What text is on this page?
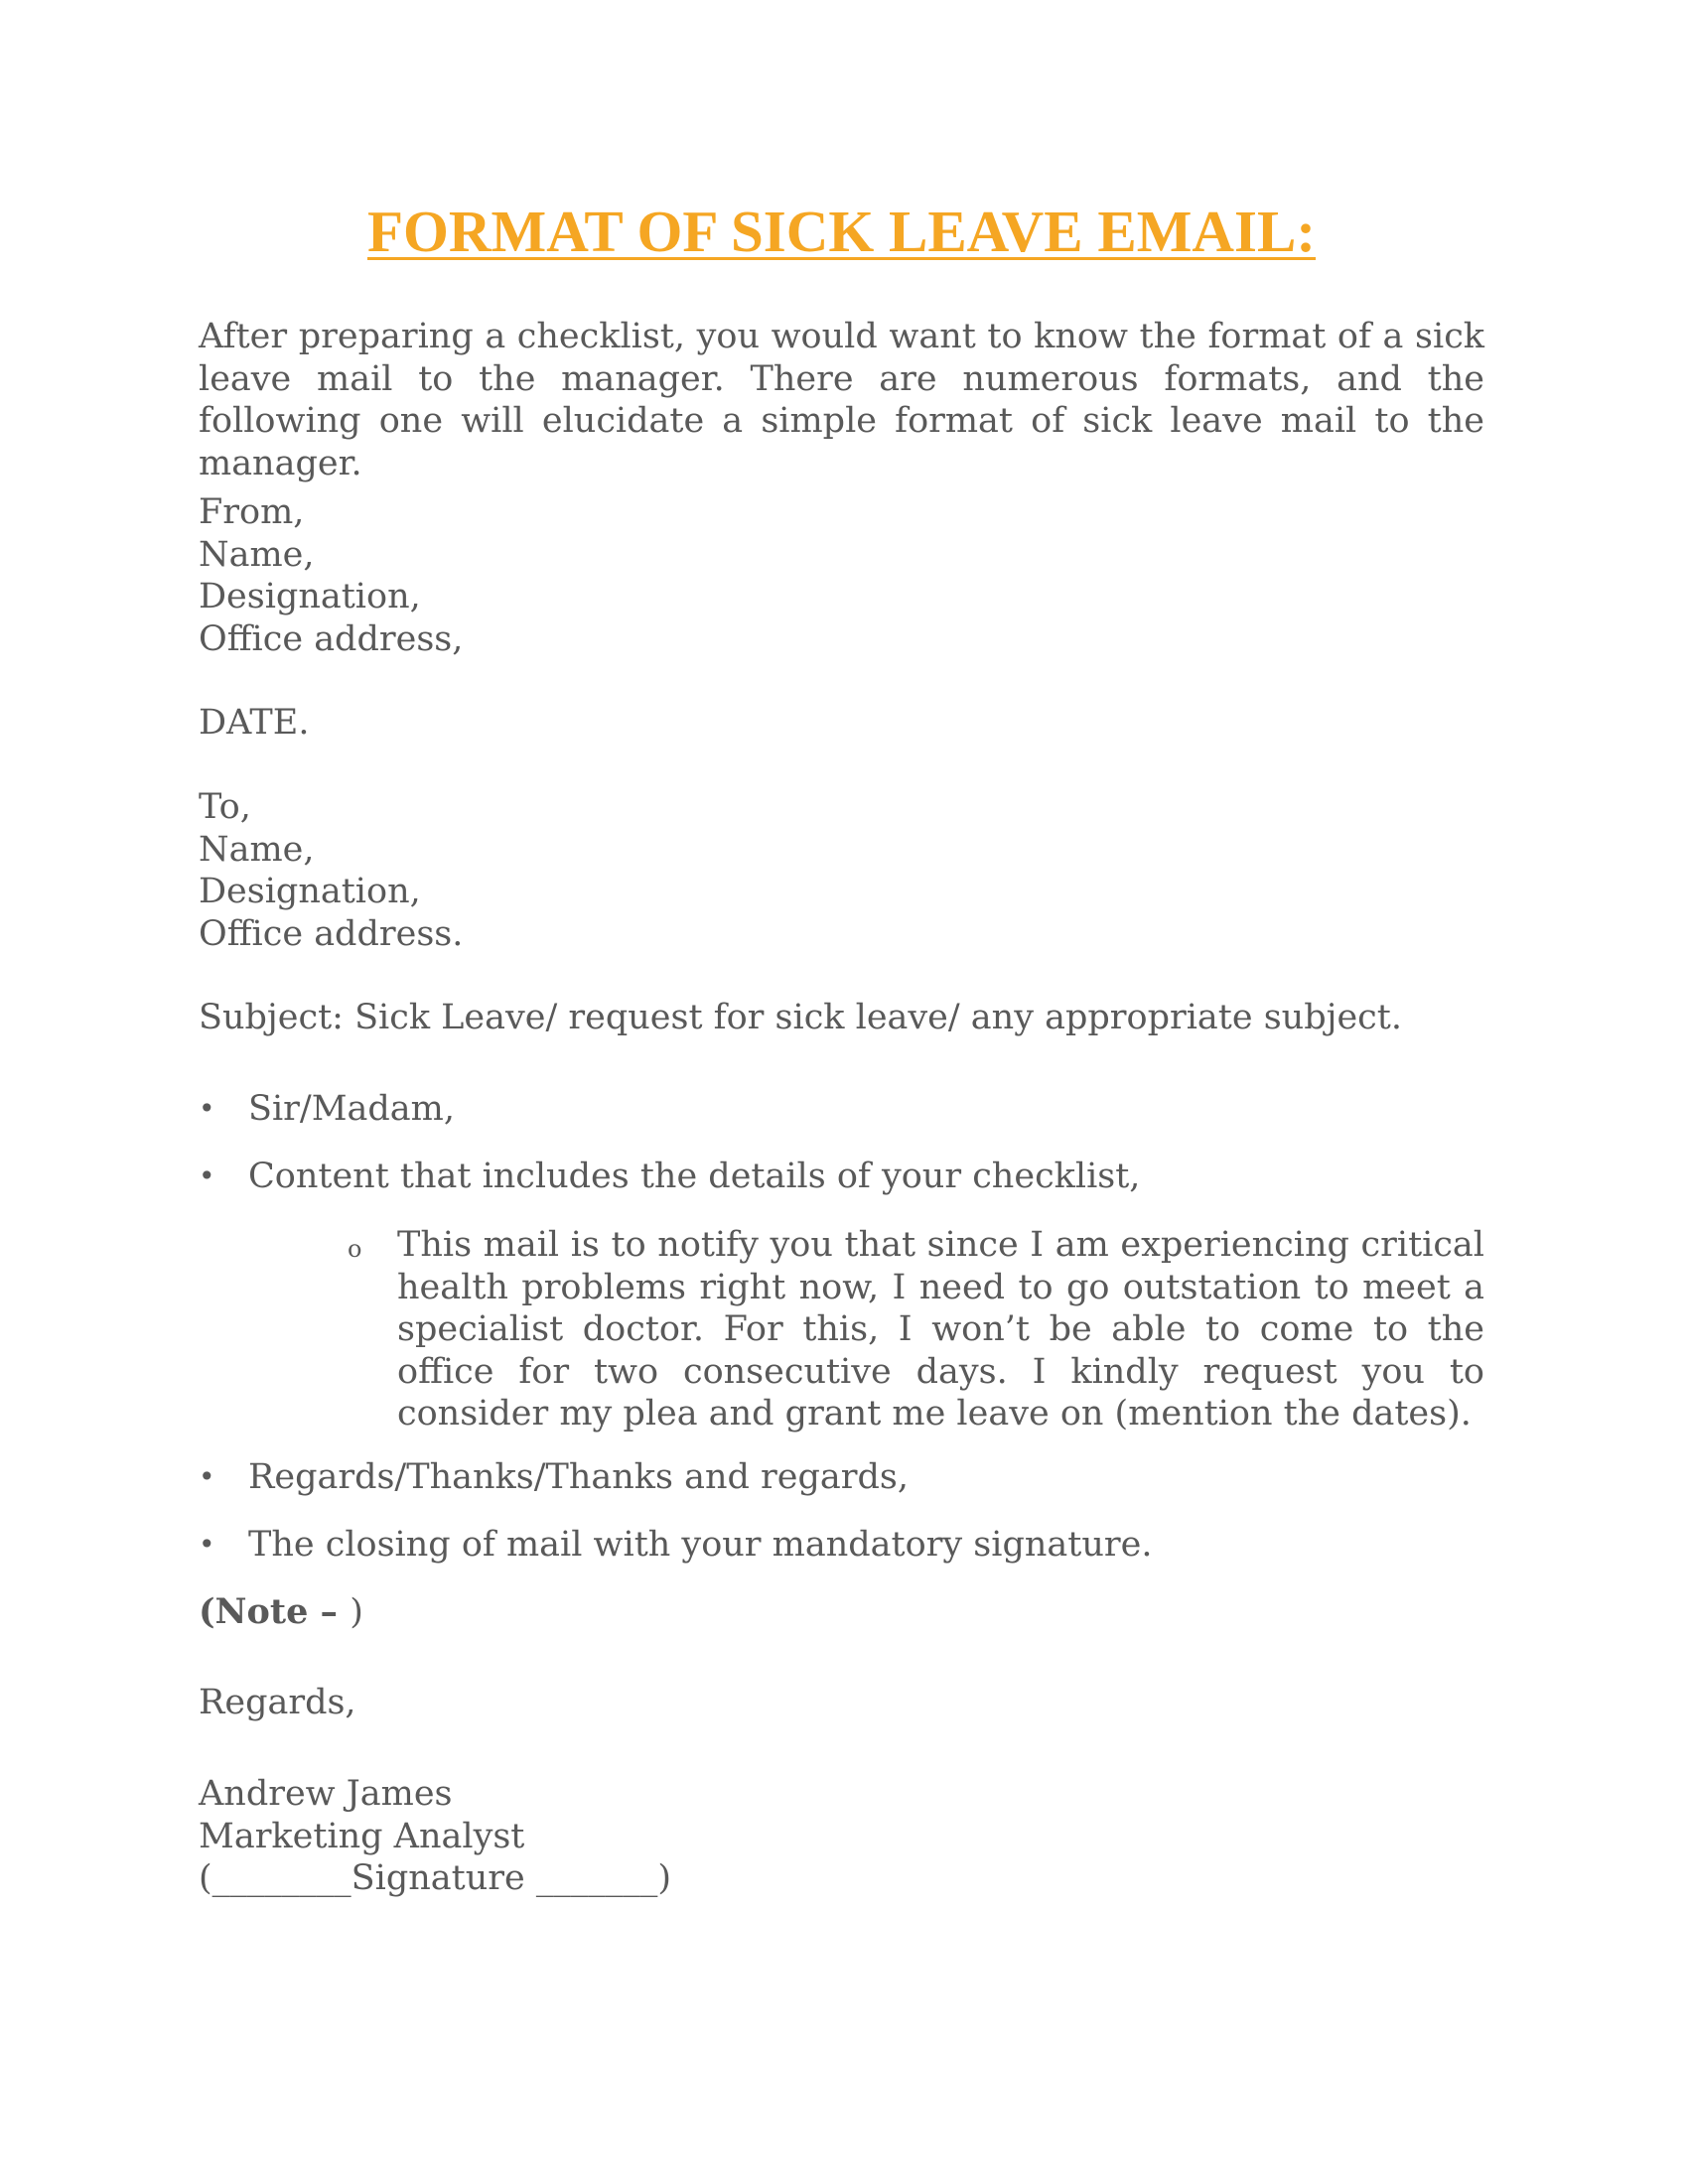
FORMAT OF SICK LEAVE EMAIL:

After preparing a checklist, you would want to know the format of a sick leave mail to the manager. There are numerous formats, and the following one will elucidate a simple format of sick leave mail to the manager.

From,
Name,
Designation,
Office address,

DATE.

To,
Name,
Designation,
Office address.

Subject: Sick Leave/ request for sick leave/ any appropriate subject.

• Sir/Madam,
• Content that includes the details of your checklist,
o This mail is to notify you that since I am experiencing critical health problems right now, I need to go outstation to meet a specialist doctor. For this, I won’t be able to come to the office for two consecutive days. I kindly request you to consider my plea and grant me leave on (mention the dates).
• Regards/Thanks/Thanks and regards,
• The closing of mail with your mandatory signature.

(Note – )

Regards,

Andrew James
Marketing Analyst
(________Signature _______)
